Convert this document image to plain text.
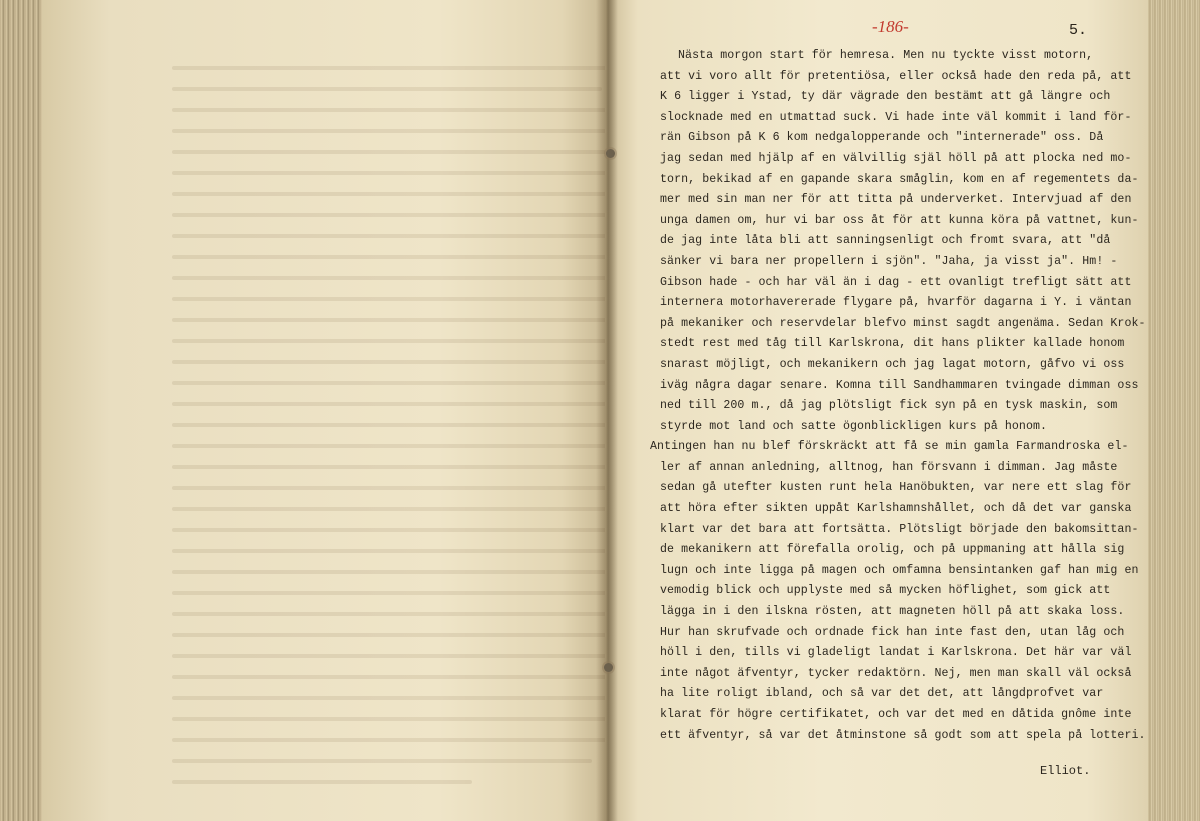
-186-	5.
Nästa morgon start för hemresa. Men nu tyckte visst motorn,
att vi voro allt för pretentiösa, eller också hade den reda på, att
K 6 ligger i Ystad, ty där vägrade den bestämt att gå längre och
slocknade med en utmattad suck. Vi hade inte väl kommit i land för-
rän Gibson på K 6 kom nedgalopperande och "internerade" oss. Då
jag sedan med hjälp af en välvillig själ höll på att plocka ned mo-
torn, bekikad af en gapande skara småglin, kom en af regementets da-
mer med sin man ner för att titta på underverket. Intervjuad af den
unga damen om, hur vi bar oss åt för att kunna köra på vattnet, kun-
de jag inte låta bli att sanningsenligt och fromt svara, att "då
sänker vi bara ner propellern i sjön". "Jaha, ja visst ja". Hm! -
Gibson hade - och har väl än i dag - ett ovanligt trefligt sätt att
internera motorhavererade flygare på, hvarför dagarna i Y. i väntan
på mekaniker och reservdelar blefvo minst sagdt angenäma. Sedan Krok-
stedt rest med tåg till Karlskrona, dit hans plikter kallade honom
snarast möjligt, och mekanikern och jag lagat motorn, gåfvo vi oss
iväg några dagar senare. Komna till Sandhammaren tvingade dimman oss
ned till 200 m., då jag plötsligt fick syn på en tysk maskin, som
styrde mot land och satte ögonblickligen kurs på honom.
Antingen han nu blef förskräckt att få se min gamla Farmandroska el-
ler af annan anledning, alltnog, han försvann i dimman. Jag måste
sedan gå utefter kusten runt hela Hanöbukten, var nere ett slag för
att höra efter sikten uppåt Karlshamnshållet, och då det var ganska
klart var det bara att fortsätta. Plötsligt började den bakomsittan-
de mekanikern att förefalla orolig, och på uppmaning att hålla sig
lugn och inte ligga på magen och omfamna bensintanken gaf han mig en
vemodig blick och upplyste med så mycken höflighet, som gick att
lägga in i den ilskna rösten, att magneten höll på att skaka loss.
Hur han skrufvade och ordnade fick han inte fast den, utan låg och
höll i den, tills vi gladeligt landat i Karlskrona. Det här var väl
inte något äfventyr, tycker redaktörn. Nej, men man skall väl också
ha lite roligt ibland, och så var det det, att långdprofvet var
klarat för högre certifikatet, och var det med en dåtida gnôme inte
ett äfventyr, så var det åtminstone så godt som att spela på lotteri.
Elliot.
